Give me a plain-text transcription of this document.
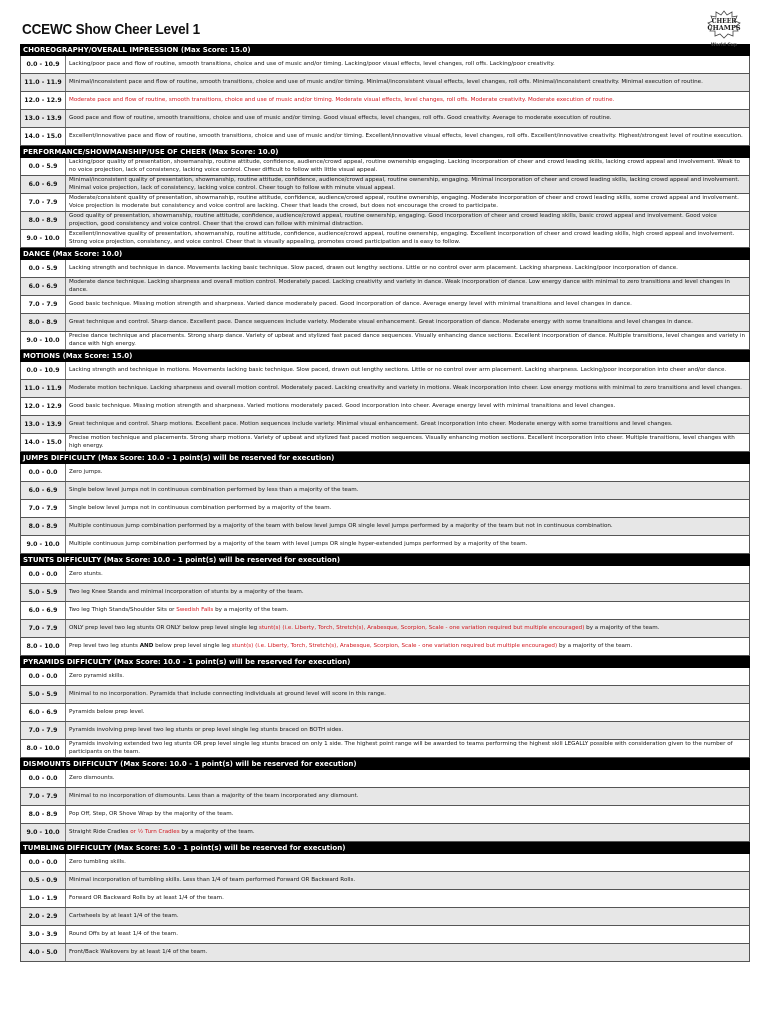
CCEWC Show Cheer Level 1	CHEER
CHAMPS
World Cup
CHOREOGRAPHY/OVERALL IMPRESSION (Max Score: 15.0)
0.0 - 10.9	Lacking/poor pace and flow of routine, smooth transitions, choice and use of music and/or timing. Lacking/poor visual effects, level changes, roll offs. Lacking/poor creativity.
11.0 - 11.9	Minimal/inconsistent pace and flow of routine, smooth transitions, choice and use of music and/or timing. Minimal/inconsistent visual effects, level changes, roll offs. Minimal/inconsistent creativity. Minimal execution of routine.
12.0 - 12.9	Moderate pace and flow of routine, smooth transitions, choice and use of music and/or timing. Moderate visual effects, level changes, roll offs. Moderate creativity. Moderate execution of routine.
13.0 - 13.9	Good pace and flow of routine, smooth transitions, choice and use of music and/or timing. Good visual effects, level changes, roll offs. Good creativity. Average to moderate execution of routine.
14.0 - 15.0	Excellent/innovative pace and flow of routine, smooth transitions, choice and use of music and/or timing. Excellent/innovative visual effects, level changes, roll offs. Excellent/innovative creativity. Highest/strongest level of routine execution.
PERFORMANCE/SHOWMANSHIP/USE OF CHEER (Max Score: 10.0)
0.0 - 5.9
Lacking/poor quality of presentation, showmanship, routine attitude, confidence, audience/crowd appeal, routine ownership engaging. Lacking incorporation of cheer and crowd leading skills, lacking crowd appeal and involvement. Weak to no voice projection, lack of consistency, lacking voice control. Cheer difficult to follow with little visual appeal.
6.0 - 6.9
Minimal/inconsistent quality of presentation, showmanship, routine attitude, confidence, audience/crowd appeal, routine ownership, engaging. Minimal incorporation of cheer and crowd leading skills, lacking crowd appeal and involvement. Minimal voice projection, lack of consistency, lacking voice control. Cheer tough to follow with minute visual appeal.
7.0 - 7.9
Moderate/consistent quality of presentation, showmanship, routine attitude, confidence, audience/crowd appeal, routine ownership, engaging. Moderate incorporation of cheer and crowd leading skills, some crowd appeal and involvement. Voice projection is moderate but consistency and voice control are lacking. Cheer that leads the crowd, but does not encourage the crowd to participate.
8.0 - 8.9
Good quality of presentation, showmanship, routine attitude, confidence, audience/crowd appeal, routine ownership, engaging. Good incorporation of cheer and crowd leading skills, basic crowd appeal and involvement. Good voice projection, good consistency and voice control. Cheer that the crowd can follow with minimal distraction.
9.0 - 10.0
Excellent/innovative quality of presentation, showmanship, routine attitude, confidence, audience/crowd appeal, routine ownership, engaging. Excellent incorporation of cheer and crowd leading skills, high crowd appeal and involvement. Strong voice projection, consistency, and voice control. Cheer that is visually appealing, promotes crowd participation and is easy to follow.
DANCE (Max Score: 10.0)
0.0 - 5.9	Lacking strength and technique in dance. Movements lacking basic technique. Slow paced, drawn out lengthy sections. Little or no control over arm placement. Lacking sharpness. Lacking/poor incorporation of dance.
6.0 - 6.9
Moderate dance technique. Lacking sharpness and overall motion control. Moderately paced. Lacking creativity and variety in dance. Weak incorporation of dance. Low energy dance with minimal to zero transitions and level changes in dance.
7.0 - 7.9	Good basic technique. Missing motion strength and sharpness. Varied dance moderately paced. Good incorporation of dance. Average energy level with minimal transitions and level changes in dance.
8.0 - 8.9	Great technique and control. Sharp dance. Excellent pace. Dance sequences include variety. Moderate visual enhancement. Great incorporation of dance. Moderate energy with some transitions and level changes in dance.
9.0 - 10.0
Precise dance technique and placements. Strong sharp dance. Variety of upbeat and stylized fast paced dance sequences. Visually enhancing dance sections. Excellent incorporation of dance. Multiple transitions, level changes and variety in dance with high energy.
MOTIONS (Max Score: 15.0)
0.0 - 10.9	Lacking strength and technique in motions. Movements lacking basic technique. Slow paced, drawn out lengthy sections. Little or no control over arm placement. Lacking sharpness. Lacking/poor incorporation into cheer and/or dance.
11.0 - 11.9	Moderate motion technique. Lacking sharpness and overall motion control. Moderately paced. Lacking creativity and variety in motions. Weak incorporation into cheer. Low energy motions with minimal to zero transitions and level changes.
12.0 - 12.9	Good basic technique. Missing motion strength and sharpness. Varied motions moderately paced. Good incorporation into cheer. Average energy level with minimal transitions and level changes.
13.0 - 13.9	Great technique and control. Sharp motions. Excellent pace. Motion sequences include variety. Minimal visual enhancement. Great incorporation into cheer. Moderate energy with some transitions and level changes.
14.0 - 15.0
Precise motion technique and placements. Strong sharp motions. Variety of upbeat and stylized fast paced motion sequences. Visually enhancing motion sections. Excellent incorporation into cheer. Multiple transitions, level changes with high energy.
JUMPS DIFFICULTY (Max Score: 10.0 - 1 point(s) will be reserved for execution)
0.0 - 0.0	Zero jumps.
6.0 - 6.9	Single below level jumps not in continuous combination performed by less than a majority of the team.
7.0 - 7.9	Single below level jumps not in continuous combination performed by a majority of the team.
8.0 - 8.9	Multiple continuous jump combination performed by a majority of the team with below level jumps OR single level jumps performed by a majority of the team but not in continuous combination.
9.0 - 10.0	Multiple continuous jump combination performed by a majority of the team with level jumps OR single hyper-extended jumps performed by a majority of the team.
STUNTS DIFFICULTY (Max Score: 10.0 - 1 point(s) will be reserved for execution)
0.0 - 0.0	Zero stunts.
5.0 - 5.9	Two leg Knee Stands and minimal incorporation of stunts by a majority of the team.
6.0 - 6.9	Two leg Thigh Stands/Shoulder Sits or Swedish Falls by a majority of the team.
7.0 - 7.9	ONLY prep level two leg stunts OR ONLY below prep level single leg stunt(s) (i.e. Liberty, Torch, Stretch(s), Arabesque, Scorpion, Scale - one variation required but multiple encouraged) by a majority of the team.
8.0 - 10.0	Prep level two leg stunts AND below prep level single leg stunt(s) (i.e. Liberty, Torch, Stretch(s), Arabesque, Scorpion, Scale - one variation required but multiple encouraged) by a majority of the team.
PYRAMIDS DIFFICULTY (Max Score: 10.0 - 1 point(s) will be reserved for execution)
0.0 - 0.0	Zero pyramid skills.
5.0 - 5.9	Minimal to no incorporation. Pyramids that include connecting individuals at ground level will score in this range.
6.0 - 6.9	Pyramids below prep level.
7.0 - 7.9	Pyramids involving prep level two leg stunts or prep level single leg stunts braced on BOTH sides.
8.0 - 10.0
Pyramids involving extended two leg stunts OR prep level single leg stunts braced on only 1 side. The highest point range will be awarded to teams performing the highest skill LEGALLY possible with consideration given to the number of participants on the team.
DISMOUNTS DIFFICULTY (Max Score: 10.0 - 1 point(s) will be reserved for execution)
0.0 - 0.0	Zero dismounts.
7.0 - 7.9	Minimal to no incorporation of dismounts. Less than a majority of the team incorporated any dismount.
8.0 - 8.9	Pop Off, Step, OR Shove Wrap by the majority of the team.
9.0 - 10.0	Straight Ride Cradles or ½ Turn Cradles by a majority of the team.
TUMBLING DIFFICULTY (Max Score: 5.0 - 1 point(s) will be reserved for execution)
0.0 - 0.0	Zero tumbling skills.
0.5 - 0.9	Minimal incorporation of tumbling skills. Less than 1/4 of team performed Forward OR Backward Rolls.
1.0 - 1.9	Forward OR Backward Rolls by at least 1/4 of the team.
2.0 - 2.9	Cartwheels by at least 1/4 of the team.
3.0 - 3.9	Round Offs by at least 1/4 of the team.
4.0 - 5.0	Front/Back Walkovers by at least 1/4 of the team.
